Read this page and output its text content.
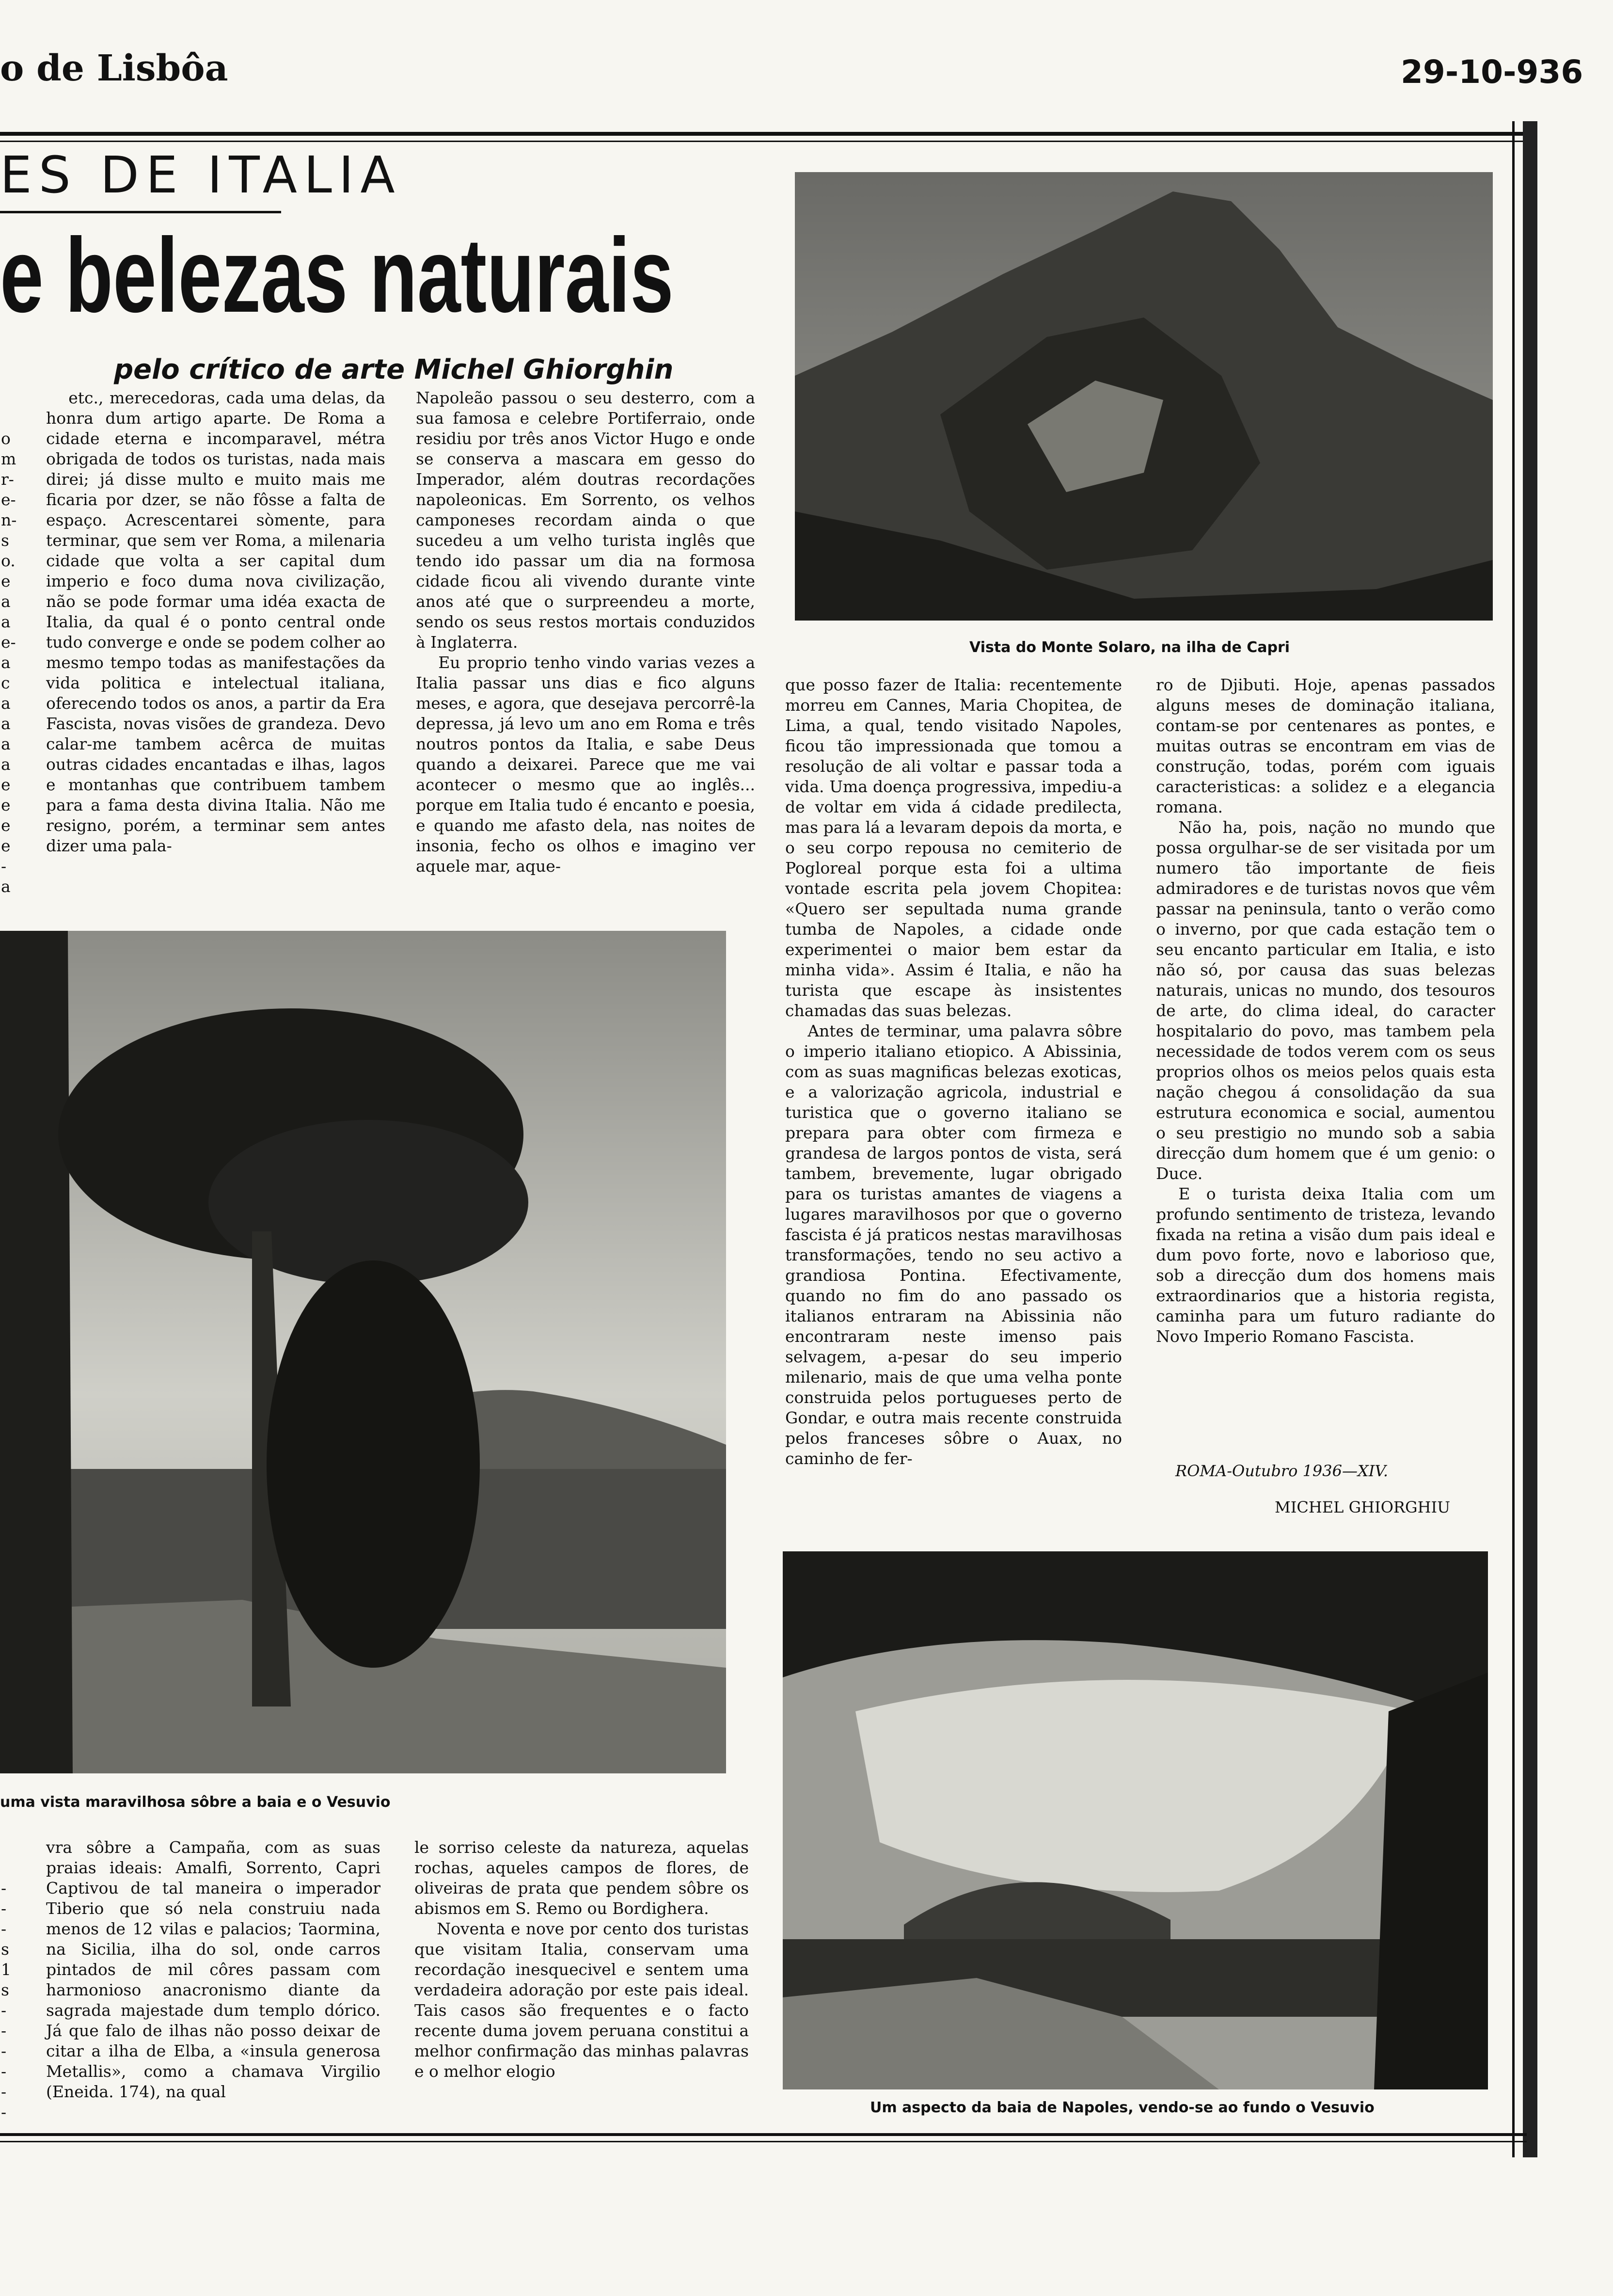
o de Lisbôa	29-10-936
ES DE ITALIA
e belezas naturais
pelo crítico de arte Michel Ghiorghin

o
m
r-
e-
n-
s
o.
e
a
a
e-
a
c
a
a
a
a
e
e
e
e
-
a

etc., merecedoras, cada uma delas, da honra dum artigo aparte. De Roma a cidade eterna e incomparavel, métra obrigada de todos os turistas, nada mais direi; já disse multo e muito mais me ficaria por dzer, se não fôsse a falta de espaço. Acrescentarei sòmente, para terminar, que sem ver Roma, a milenaria cidade que volta a ser capital dum imperio e foco duma nova civilização, não se pode formar uma idéa exacta de Italia, da qual é o ponto central onde tudo converge e onde se podem colher ao mesmo tempo todas as manifestações da vida politica e intelectual italiana, oferecendo todos os anos, a partir da Era Fascista, novas visões de grandeza. Devo calar-me tambem acêrca de muitas outras cidades encantadas e ilhas, lagos e montanhas que contribuem tambem para a fama desta divina Italia. Não me resigno, porém, a terminar sem antes dizer uma pala-

Napoleão passou o seu desterro, com a sua famosa e celebre Portiferraio, onde residiu por três anos Victor Hugo e onde se conserva a mascara em gesso do Imperador, além doutras recordações napoleonicas. Em Sorrento, os velhos camponeses recordam ainda o que sucedeu a um velho turista inglês que tendo ido passar um dia na formosa cidade ficou ali vivendo durante vinte anos até que o surpreendeu a morte, sendo os seus restos mortais conduzidos à Inglaterra.

Eu proprio tenho vindo varias vezes a Italia passar uns dias e fico alguns meses, e agora, que desejava percorrê-la depressa, já levo um ano em Roma e três noutros pontos da Italia, e sabe Deus quando a deixarei. Parece que me vai acontecer o mesmo que ao inglês... porque em Italia tudo é encanto e poesia, e quando me afasto dela, nas noites de insonia, fecho os olhos e imagino ver aquele mar, aque-

Vista do Monte Solaro, na ilha de Capri
uma vista maravilhosa sôbre a baia e o Vesuvio

que posso fazer de Italia: recentemente morreu em Cannes, Maria Chopitea, de Lima, a qual, tendo visitado Napoles, ficou tão impressionada que tomou a resolução de ali voltar e passar toda a vida. Uma doença progressiva, impediu-a de voltar em vida á cidade predilecta, mas para lá a levaram depois da morta, e o seu corpo repousa no cemiterio de Pogloreal porque esta foi a ultima vontade escrita pela jovem Chopitea: «Quero ser sepultada numa grande tumba de Napoles, a cidade onde experimentei o maior bem estar da minha vida». Assim é Italia, e não ha turista que escape às insistentes chamadas das suas belezas.

Antes de terminar, uma palavra sôbre o imperio italiano etiopico. A Abissinia, com as suas magnificas belezas exoticas, e a valorização agricola, industrial e turistica que o governo italiano se prepara para obter com firmeza e grandesa de largos pontos de vista, será tambem, brevemente, lugar obrigado para os turistas amantes de viagens a lugares maravilhosos por que o governo fascista é já praticos nestas maravilhosas transformações, tendo no seu activo a grandiosa Pontina. Efectivamente, quando no fim do ano passado os italianos entraram na Abissinia não encontraram neste imenso pais selvagem, a-pesar do seu imperio milenario, mais de que uma velha ponte construida pelos portugueses perto de Gondar, e outra mais recente construida pelos franceses sôbre o Auax, no caminho de fer-

ro de Djibuti. Hoje, apenas passados alguns meses de dominação italiana, contam-se por centenares as pontes, e muitas outras se encontram em vias de construção, todas, porém com iguais caracteristicas: a solidez e a elegancia romana.

Não ha, pois, nação no mundo que possa orgulhar-se de ser visitada por um numero tão importante de fieis admiradores e de turistas novos que vêm passar na peninsula, tanto o verão como o inverno, por que cada estação tem o seu encanto particular em Italia, e isto não só, por causa das suas belezas naturais, unicas no mundo, dos tesouros de arte, do clima ideal, do caracter hospitalario do povo, mas tambem pela necessidade de todos verem com os seus proprios olhos os meios pelos quais esta nação chegou á consolidação da sua estrutura economica e social, aumentou o seu prestigio no mundo sob a sabia direcção dum homem que é um genio: o Duce.

E o turista deixa Italia com um profundo sentimento de tristeza, levando fixada na retina a visão dum pais ideal e dum povo forte, novo e laborioso que, sob a direcção dum dos homens mais extraordinarios que a historia regista, caminha para um futuro radiante do Novo Imperio Romano Fascista.

ROMA-Outubro 1936—XIV.
MICHEL GHIORGHIU
Um aspecto da baia de Napoles, vendo-se ao fundo o Vesuvio

-
-
-
s
1
s
-
-
-
-
-
-

vra sôbre a Campaña, com as suas praias ideais: Amalfi, Sorrento, Capri Captivou de tal maneira o imperador Tiberio que só nela construiu nada menos de 12 vilas e palacios; Taormina, na Sicilia, ilha do sol, onde carros pintados de mil côres passam com harmonioso anacronismo diante da sagrada majestade dum templo dórico. Já que falo de ilhas não posso deixar de citar a ilha de Elba, a «insula generosa Metallis», como a chamava Virgilio (Eneida. 174), na qual

le sorriso celeste da natureza, aquelas rochas, aqueles campos de flores, de oliveiras de prata que pendem sôbre os abismos em S. Remo ou Bordighera.

Noventa e nove por cento dos turistas que visitam Italia, conservam uma recordação inesquecivel e sentem uma verdadeira adoração por este pais ideal. Tais casos são frequentes e o facto recente duma jovem peruana constitui a melhor confirmação das minhas palavras e o melhor elogio
